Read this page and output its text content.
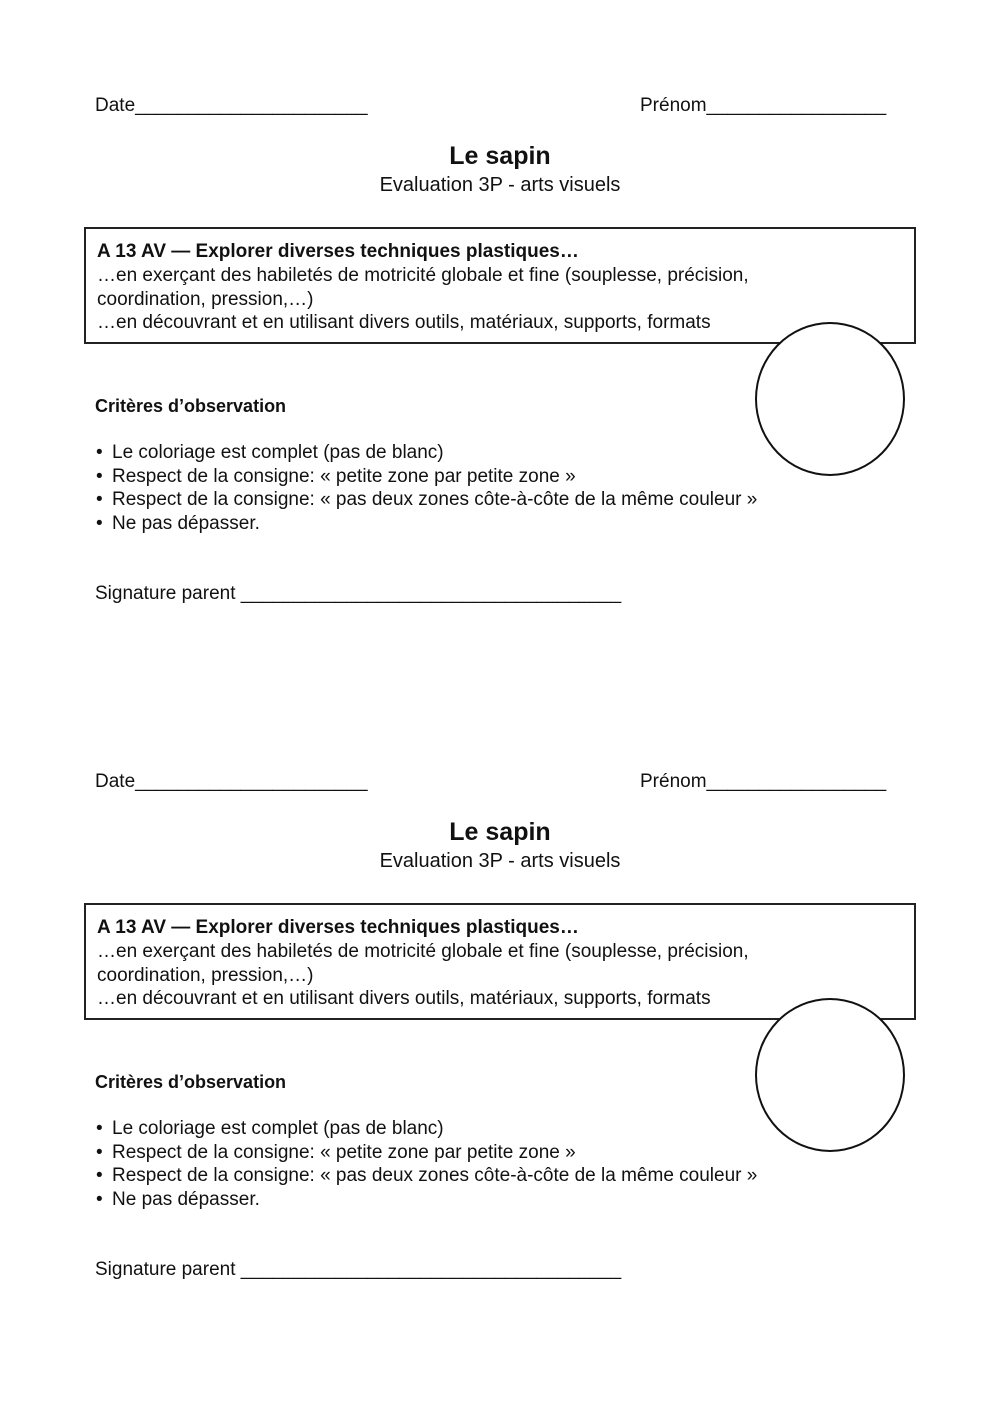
Date______________________	Prénom_________________
Le sapin
Evaluation 3P - arts visuels
A 13 AV — Explorer diverses techniques plastiques…
…en exerçant des habiletés de motricité globale et fine (souplesse, précision,
coordination, pression,…)
…en découvrant et en utilisant divers outils, matériaux, supports, formats
Critères d’observation
• Le coloriage est complet (pas de blanc)
• Respect de la consigne: « petite zone par petite zone »
• Respect de la consigne: « pas deux zones côte-à-côte de la même couleur »
• Ne pas dépasser.
Signature parent ____________________________________
Date______________________	Prénom_________________
Le sapin
Evaluation 3P - arts visuels
A 13 AV — Explorer diverses techniques plastiques…
…en exerçant des habiletés de motricité globale et fine (souplesse, précision,
coordination, pression,…)
…en découvrant et en utilisant divers outils, matériaux, supports, formats
Critères d’observation
• Le coloriage est complet (pas de blanc)
• Respect de la consigne: « petite zone par petite zone »
• Respect de la consigne: « pas deux zones côte-à-côte de la même couleur »
• Ne pas dépasser.
Signature parent ____________________________________
